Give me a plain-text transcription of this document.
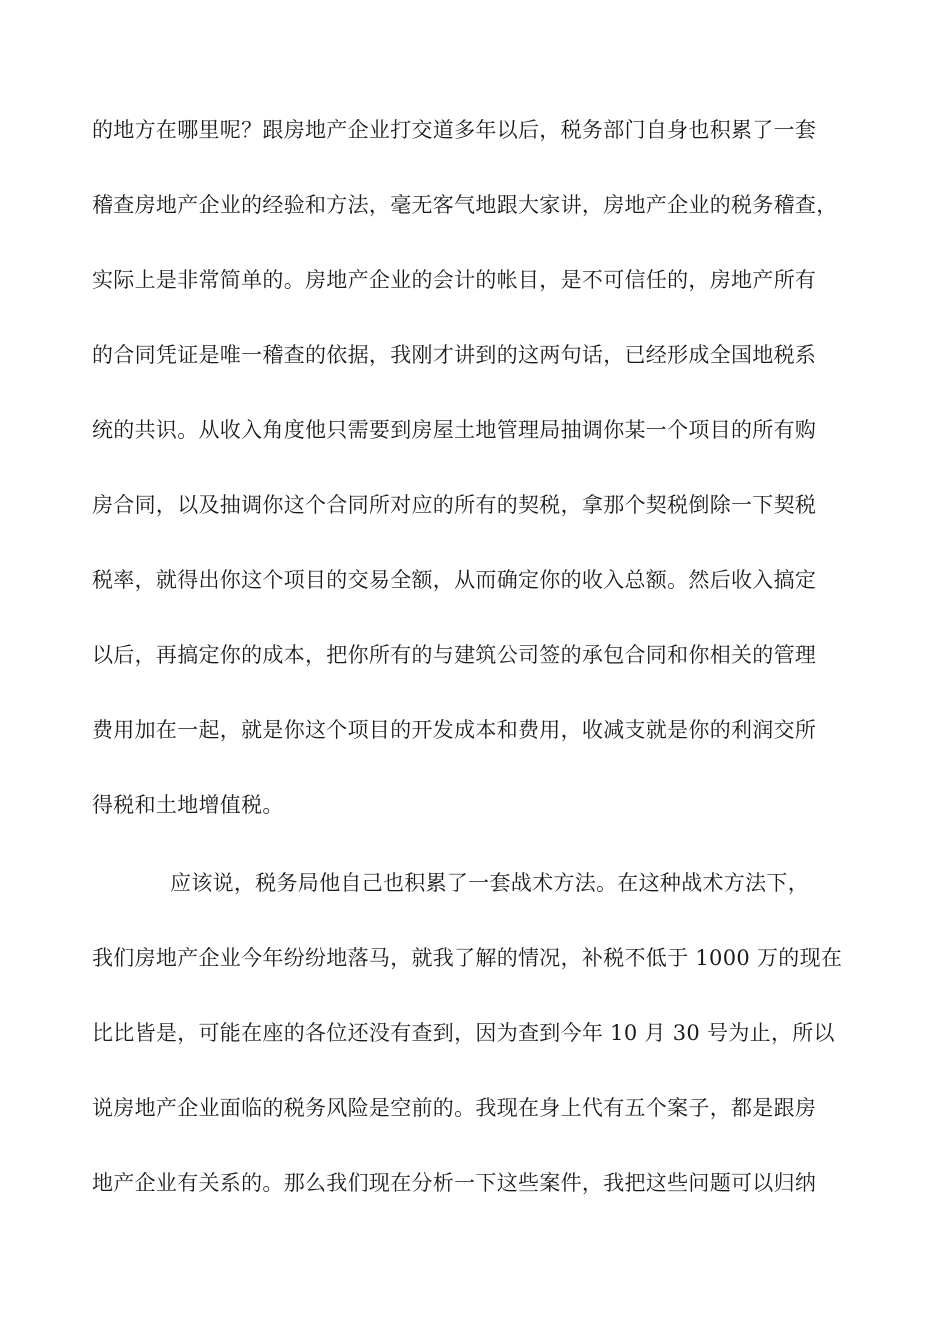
的地方在哪里呢？跟房地产企业打交道多年以后，税务部门自身也积累了一套
稽查房地产企业的经验和方法，毫无客气地跟大家讲，房地产企业的税务稽查，
实际上是非常简单的。房地产企业的会计的帐目，是不可信任的，房地产所有
的合同凭证是唯一稽查的依据，我刚才讲到的这两句话，已经形成全国地税系
统的共识。从收入角度他只需要到房屋土地管理局抽调你某一个项目的所有购
房合同，以及抽调你这个合同所对应的所有的契税，拿那个契税倒除一下契税
税率，就得出你这个项目的交易全额，从而确定你的收入总额。然后收入搞定
以后，再搞定你的成本，把你所有的与建筑公司签的承包合同和你相关的管理
费用加在一起，就是你这个项目的开发成本和费用，收减支就是你的利润交所
得税和土地增值税。
应该说，税务局他自己也积累了一套战术方法。在这种战术方法下，
我们房地产企业今年纷纷地落马，就我了解的情况，补税不低于 1000 万的现在
比比皆是，可能在座的各位还没有查到，因为查到今年 10 月 30 号为止，所以
说房地产企业面临的税务风险是空前的。我现在身上代有五个案子，都是跟房
地产企业有关系的。那么我们现在分析一下这些案件，我把这些问题可以归纳
